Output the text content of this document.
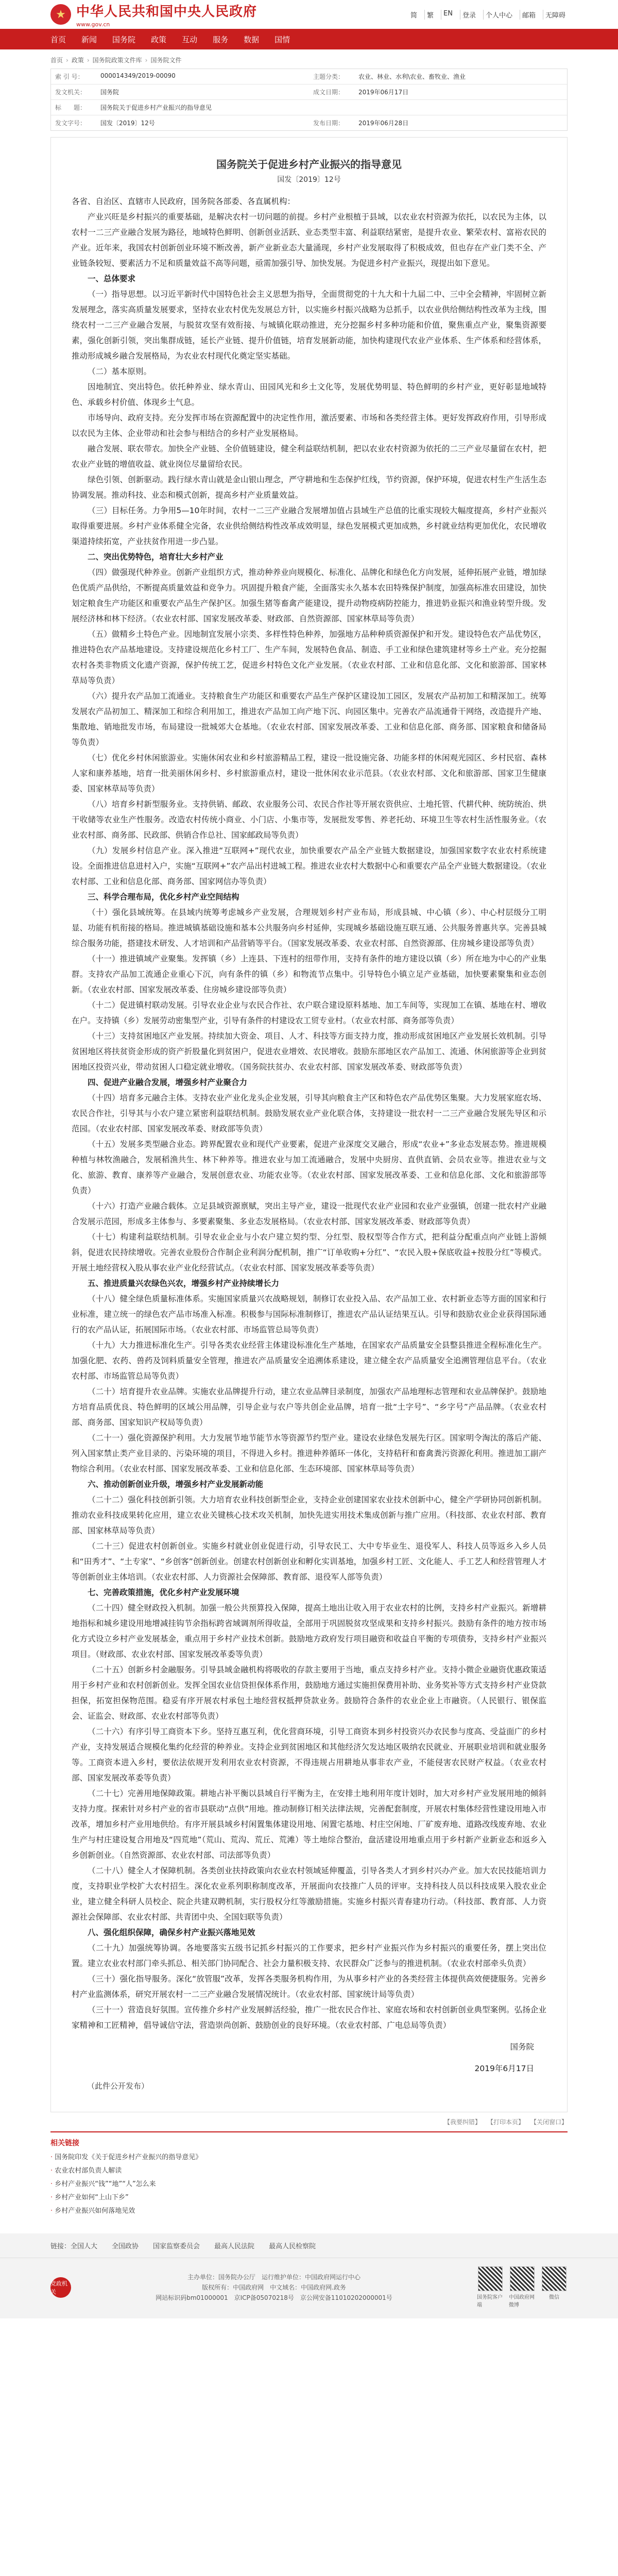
★ 中华人民共和国中央人民政府
www.gov.cn
简	繁	EN	登录	个人中心	邮箱	无障碍
首页 新闻 国务院 政策 互动 服务 数据 国情
首页 › 政策 › 国务院政策文件库 › 国务院文件
索 引 号：	000014349/2019-00090	主题分类：	农业、林业、水利\农业、畜牧业、渔业
发文机关：	国务院	成文日期：	2019年06月17日
标　　题：	国务院关于促进乡村产业振兴的指导意见
发文字号：	国发〔2019〕12号	发布日期：	2019年06月28日
国务院关于促进乡村产业振兴的指导意见
国发〔2019〕12号

各省、自治区、直辖市人民政府，国务院各部委、各直属机构：

产业兴旺是乡村振兴的重要基础，是解决农村一切问题的前提。乡村产业根植于县域，以农业农村资源为依托，以农民为主体，以农村一二三产业融合发展为路径，地域特色鲜明、创新创业活跃、业态类型丰富、利益联结紧密，是提升农业、繁荣农村、富裕农民的产业。近年来，我国农村创新创业环境不断改善，新产业新业态大量涌现，乡村产业发展取得了积极成效，但也存在产业门类不全、产业链条较短、要素活力不足和质量效益不高等问题，亟需加强引导、加快发展。为促进乡村产业振兴，现提出如下意见。

一、总体要求

（一）指导思想。以习近平新时代中国特色社会主义思想为指导，全面贯彻党的十九大和十九届二中、三中全会精神，牢固树立新发展理念，落实高质量发展要求，坚持农业农村优先发展总方针，以实施乡村振兴战略为总抓手，以农业供给侧结构性改革为主线，围绕农村一二三产业融合发展，与脱贫攻坚有效衔接、与城镇化联动推进，充分挖掘乡村多种功能和价值，聚焦重点产业，聚集资源要素，强化创新引领，突出集群成链，延长产业链、提升价值链，培育发展新动能，加快构建现代农业产业体系、生产体系和经营体系，推动形成城乡融合发展格局，为农业农村现代化奠定坚实基础。

（二）基本原则。

因地制宜、突出特色。依托种养业、绿水青山、田园风光和乡土文化等，发展优势明显、特色鲜明的乡村产业，更好彰显地域特色、承载乡村价值、体现乡土气息。

市场导向、政府支持。充分发挥市场在资源配置中的决定性作用，激活要素、市场和各类经营主体。更好发挥政府作用，引导形成以农民为主体、企业带动和社会参与相结合的乡村产业发展格局。

融合发展、联农带农。加快全产业链、全价值链建设，健全利益联结机制，把以农业农村资源为依托的二三产业尽量留在农村，把农业产业链的增值收益、就业岗位尽量留给农民。

绿色引领、创新驱动。践行绿水青山就是金山银山理念，严守耕地和生态保护红线，节约资源，保护环境，促进农村生产生活生态协调发展。推动科技、业态和模式创新，提高乡村产业质量效益。

（三）目标任务。力争用5—10年时间，农村一二三产业融合发展增加值占县域生产总值的比重实现较大幅度提高，乡村产业振兴取得重要进展。乡村产业体系健全完备，农业供给侧结构性改革成效明显，绿色发展模式更加成熟，乡村就业结构更加优化，农民增收渠道持续拓宽，产业扶贫作用进一步凸显。

二、突出优势特色，培育壮大乡村产业

（四）做强现代种养业。创新产业组织方式，推动种养业向规模化、标准化、品牌化和绿色化方向发展，延伸拓展产业链，增加绿色优质产品供给，不断提高质量效益和竞争力。巩固提升粮食产能，全面落实永久基本农田特殊保护制度，加强高标准农田建设，加快划定粮食生产功能区和重要农产品生产保护区。加强生猪等畜禽产能建设，提升动物疫病防控能力，推进奶业振兴和渔业转型升级。发展经济林和林下经济。（农业农村部、国家发展改革委、财政部、自然资源部、国家林草局等负责）

（五）做精乡土特色产业。因地制宜发展小宗类、多样性特色种养，加强地方品种种质资源保护和开发。建设特色农产品优势区，推进特色农产品基地建设。支持建设规范化乡村工厂、生产车间，发展特色食品、制造、手工业和绿色建筑建材等乡土产业。充分挖掘农村各类非物质文化遗产资源，保护传统工艺，促进乡村特色文化产业发展。（农业农村部、工业和信息化部、文化和旅游部、国家林草局等负责）

（六）提升农产品加工流通业。支持粮食生产功能区和重要农产品生产保护区建设加工园区，发展农产品初加工和精深加工。统筹发展农产品初加工、精深加工和综合利用加工，推进农产品加工向产地下沉、向园区集中。完善农产品流通骨干网络，改造提升产地、集散地、销地批发市场，布局建设一批城郊大仓基地。（农业农村部、国家发展改革委、工业和信息化部、商务部、国家粮食和储备局等负责）

（七）优化乡村休闲旅游业。实施休闲农业和乡村旅游精品工程，建设一批设施完备、功能多样的休闲观光园区、乡村民宿、森林人家和康养基地，培育一批美丽休闲乡村、乡村旅游重点村，建设一批休闲农业示范县。（农业农村部、文化和旅游部、国家卫生健康委、国家林草局等负责）

（八）培育乡村新型服务业。支持供销、邮政、农业服务公司、农民合作社等开展农资供应、土地托管、代耕代种、统防统治、烘干收储等农业生产性服务。改造农村传统小商业、小门店、小集市等，发展批发零售、养老托幼、环境卫生等农村生活性服务业。（农业农村部、商务部、民政部、供销合作总社、国家邮政局等负责）

（九）发展乡村信息产业。深入推进“互联网+”现代农业，加快重要农产品全产业链大数据建设，加强国家数字农业农村系统建设。全面推进信息进村入户，实施“互联网+”农产品出村进城工程。推进农业农村大数据中心和重要农产品全产业链大数据建设。（农业农村部、工业和信息化部、商务部、国家网信办等负责）

三、科学合理布局，优化乡村产业空间结构

（十）强化县域统筹。在县域内统筹考虑城乡产业发展，合理规划乡村产业布局，形成县城、中心镇（乡）、中心村层级分工明显、功能有机衔接的格局。推进城镇基础设施和基本公共服务向乡村延伸，实现城乡基础设施互联互通、公共服务普惠共享。完善县城综合服务功能，搭建技术研发、人才培训和产品营销等平台。（国家发展改革委、农业农村部、自然资源部、住房城乡建设部等负责）

（十一）推进镇域产业聚集。发挥镇（乡）上连县、下连村的纽带作用，支持有条件的地方建设以镇（乡）所在地为中心的产业集群。支持农产品加工流通企业重心下沉，向有条件的镇（乡）和物流节点集中。引导特色小镇立足产业基础，加快要素聚集和业态创新。（农业农村部、国家发展改革委、住房城乡建设部等负责）

（十二）促进镇村联动发展。引导农业企业与农民合作社、农户联合建设原料基地、加工车间等，实现加工在镇、基地在村、增收在户。支持镇（乡）发展劳动密集型产业，引导有条件的村建设农工贸专业村。（农业农村部、商务部等负责）

（十三）支持贫困地区产业发展。持续加大资金、项目、人才、科技等方面支持力度，推动形成贫困地区产业发展长效机制。引导贫困地区将扶贫资金形成的资产折股量化到贫困户，促进农业增效、农民增收。鼓励东部地区农产品加工、流通、休闲旅游等企业到贫困地区投资兴业，带动贫困人口稳定就业增收。（国务院扶贫办、农业农村部、国家发展改革委、财政部等负责）

四、促进产业融合发展，增强乡村产业聚合力

（十四）培育多元融合主体。支持农业产业化龙头企业发展，引导其向粮食主产区和特色农产品优势区集聚。大力发展家庭农场、农民合作社，引导其与小农户建立紧密利益联结机制。鼓励发展农业产业化联合体，支持建设一批农村一二三产业融合发展先导区和示范园。（农业农村部、国家发展改革委、财政部等负责）

（十五）发展多类型融合业态。跨界配置农业和现代产业要素，促进产业深度交叉融合，形成“农业+”多业态发展态势。推进规模种植与林牧渔融合，发展稻渔共生、林下种养等。推进农业与加工流通融合，发展中央厨房、直供直销、会员农业等。推进农业与文化、旅游、教育、康养等产业融合，发展创意农业、功能农业等。（农业农村部、国家发展改革委、工业和信息化部、文化和旅游部等负责）

（十六）打造产业融合载体。立足县域资源禀赋，突出主导产业，建设一批现代农业产业园和农业产业强镇，创建一批农村产业融合发展示范园，形成多主体参与、多要素聚集、多业态发展格局。（农业农村部、国家发展改革委、财政部等负责）

（十七）构建利益联结机制。引导农业企业与小农户建立契约型、分红型、股权型等合作方式，把利益分配重点向产业链上游倾斜，促进农民持续增收。完善农业股份合作制企业利润分配机制，推广“订单收购+分红”、“农民入股+保底收益+按股分红”等模式。开展土地经营权入股从事农业产业化经营试点。（农业农村部、国家发展改革委等负责）

五、推进质量兴农绿色兴农，增强乡村产业持续增长力

（十八）健全绿色质量标准体系。实施国家质量兴农战略规划，制修订农业投入品、农产品加工业、农村新业态等方面的国家和行业标准，建立统一的绿色农产品市场准入标准。积极参与国际标准制修订，推进农产品认证结果互认。引导和鼓励农业企业获得国际通行的农产品认证，拓展国际市场。（农业农村部、市场监管总局等负责）

（十九）大力推进标准化生产。引导各类农业经营主体建设标准化生产基地，在国家农产品质量安全县整县推进全程标准化生产。加强化肥、农药、兽药及饲料质量安全管理，推进农产品质量安全追溯体系建设，建立健全农产品质量安全追溯管理信息平台。（农业农村部、市场监管总局等负责）

（二十）培育提升农业品牌。实施农业品牌提升行动，建立农业品牌目录制度，加强农产品地理标志管理和农业品牌保护。鼓励地方培育品质优良、特色鲜明的区域公用品牌，引导企业与农户等共创企业品牌，培育一批“土字号”、“乡字号”产品品牌。（农业农村部、商务部、国家知识产权局等负责）

（二十一）强化资源保护利用。大力发展节地节能节水等资源节约型产业。建设农业绿色发展先行区。国家明令淘汰的落后产能、列入国家禁止类产业目录的、污染环境的项目，不得进入乡村。推进种养循环一体化，支持秸秆和畜禽粪污资源化利用。推进加工副产物综合利用。（农业农村部、国家发展改革委、工业和信息化部、生态环境部、国家林草局等负责）

六、推动创新创业升级，增强乡村产业发展新动能

（二十二）强化科技创新引领。大力培育农业科技创新型企业，支持企业创建国家农业技术创新中心，健全产学研协同创新机制。推动农业科技成果转化应用，建立农业关键核心技术攻关机制，加快先进实用技术集成创新与推广应用。（科技部、农业农村部、教育部、国家林草局等负责）

（二十三）促进农村创新创业。实施乡村就业创业促进行动，引导农民工、大中专毕业生、退役军人、科技人员等返乡入乡人员和“田秀才”、“土专家”、“乡创客”创新创业。创建农村创新创业和孵化实训基地，加强乡村工匠、文化能人、手工艺人和经营管理人才等创新创业主体培训。（农业农村部、人力资源社会保障部、教育部、退役军人部等负责）

七、完善政策措施，优化乡村产业发展环境

（二十四）健全财政投入机制。加强一般公共预算投入保障，提高土地出让收入用于农业农村的比例，支持乡村产业振兴。新增耕地指标和城乡建设用地增减挂钩节余指标跨省域调剂所得收益，全部用于巩固脱贫攻坚成果和支持乡村振兴。鼓励有条件的地方按市场化方式设立乡村产业发展基金，重点用于乡村产业技术创新。鼓励地方政府发行项目融资和收益自平衡的专项债券，支持乡村产业振兴项目。（财政部、农业农村部、国家发展改革委等负责）

（二十五）创新乡村金融服务。引导县域金融机构将吸收的存款主要用于当地，重点支持乡村产业。支持小微企业融资优惠政策适用于乡村产业和农村创新创业。发挥全国农业信贷担保体系作用，鼓励地方通过实施担保费用补助、业务奖补等方式支持乡村产业贷款担保，拓宽担保物范围。稳妥有序开展农村承包土地经营权抵押贷款业务。鼓励符合条件的农业企业上市融资。（人民银行、银保监会、证监会、财政部、农业农村部等负责）

（二十六）有序引导工商资本下乡。坚持互惠互利，优化营商环境，引导工商资本到乡村投资兴办农民参与度高、受益面广的乡村产业，支持发展适合规模化集约化经营的种养业。支持企业到贫困地区和其他经济欠发达地区吸纳农民就业、开展职业培训和就业服务等。工商资本进入乡村，要依法依规开发利用农业农村资源，不得违规占用耕地从事非农产业，不能侵害农民财产权益。（农业农村部、国家发展改革委等负责）

（二十七）完善用地保障政策。耕地占补平衡以县域自行平衡为主，在安排土地利用年度计划时，加大对乡村产业发展用地的倾斜支持力度。探索针对乡村产业的省市县联动“点供”用地。推动制修订相关法律法规，完善配套制度，开展农村集体经营性建设用地入市改革，增加乡村产业用地供给。有序开展县域乡村闲置集体建设用地、闲置宅基地、村庄空闲地、厂矿废弃地、道路改线废弃地、农业生产与村庄建设复合用地及“四荒地”（荒山、荒沟、荒丘、荒滩）等土地综合整治，盘活建设用地重点用于乡村新产业新业态和返乡入乡创新创业。（自然资源部、农业农村部、司法部等负责）

（二十八）健全人才保障机制。各类创业扶持政策向农业农村领域延伸覆盖，引导各类人才到乡村兴办产业。加大农民技能培训力度，支持职业学校扩大农村招生。深化农业系列职称制度改革，开展面向农技推广人员的评审。支持科技人员以科技成果入股农业企业，建立健全科研人员校企、院企共建双聘机制，实行股权分红等激励措施。实施乡村振兴青春建功行动。（科技部、教育部、人力资源社会保障部、农业农村部、共青团中央、全国妇联等负责）

八、强化组织保障，确保乡村产业振兴落地见效

（二十九）加强统筹协调。各地要落实五级书记抓乡村振兴的工作要求，把乡村产业振兴作为乡村振兴的重要任务，摆上突出位置。建立农业农村部门牵头抓总、相关部门协同配合、社会力量积极支持、农民群众广泛参与的推进机制。（农业农村部牵头负责）

（三十）强化指导服务。深化“放管服”改革，发挥各类服务机构作用，为从事乡村产业的各类经营主体提供高效便捷服务。完善乡村产业监测体系，研究开展农村一二三产业融合发展情况统计。（农业农村部、国家统计局等负责）

（三十一）营造良好氛围。宣传推介乡村产业发展鲜活经验，推广一批农民合作社、家庭农场和农村创新创业典型案例。弘扬企业家精神和工匠精神，倡导诚信守法，营造崇尚创新、鼓励创业的良好环境。（农业农村部、广电总局等负责）

国务院
2019年6月17日
（此件公开发布）
【我要纠错】 【打印本页】 【关闭窗口】
相关链接
· 国务院印发《关于促进乡村产业振兴的指导意见》
· 农业农村部负责人解读
· 乡村产业振兴“钱”“地”“人”怎么来
· 乡村产业如何“上山下乡”
· 乡村产业振兴如何落地见效
链接：全国人大 全国政协 国家监察委员会 最高人民法院 最高人民检察院
党政机关
主办单位：国务院办公厅　运行维护单位：中国政府网运行中心
版权所有：中国政府网　中文域名：中国政府网.政务
网站标识码bm01000001　京ICP备05070218号　京公网安备11010202000001号	国务院客户端
中国政府网微博
微信
